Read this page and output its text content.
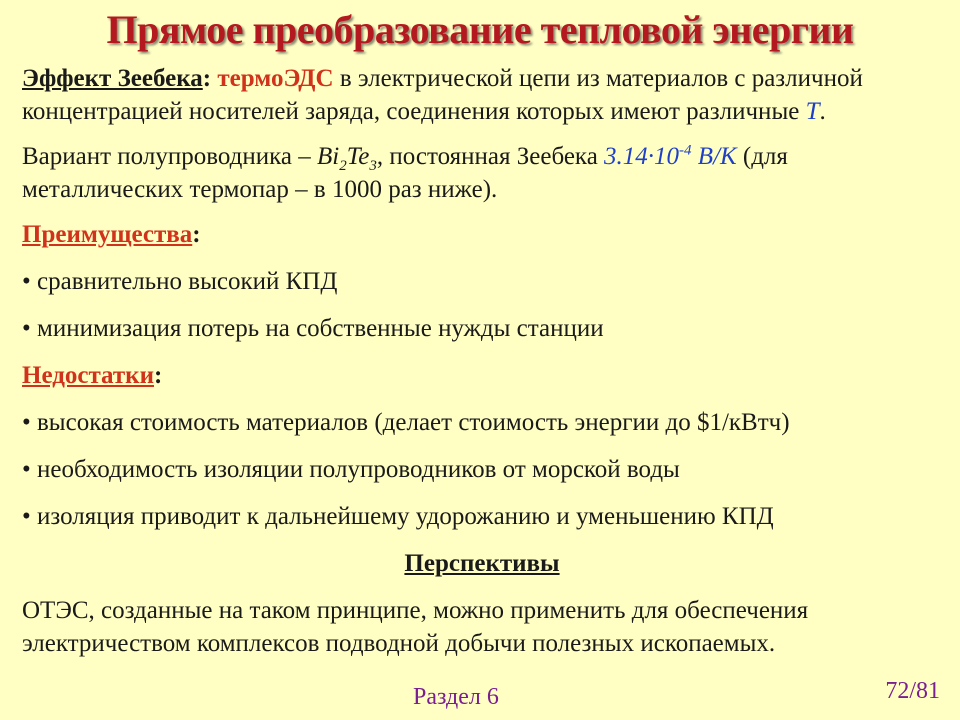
Прямое преобразование тепловой энергии

Эффект Зеебека: термоЭДС в электрической цепи из материалов с различной концентрацией носителей заряда, соединения которых имеют различные T.

Вариант полупроводника – $Bi_2Te_3$, постоянная Зеебека $3.14\cdot 10^{-4}$ В/К (для металлических термопар – в 1000 раз ниже).

Преимущества:

• сравнительно высокий КПД

• минимизация потерь на собственные нужды станции

Недостатки:

• высокая стоимость материалов (делает стоимость энергии до $1/кВтч)

• необходимость изоляции полупроводников от морской воды

• изоляция приводит к дальнейшему удорожанию и уменьшению КПД

Перспективы

ОТЭС, созданные на таком принципе, можно применить для обеспечения электричеством комплексов подводной добычи полезных ископаемых.

Раздел 6	72/81
